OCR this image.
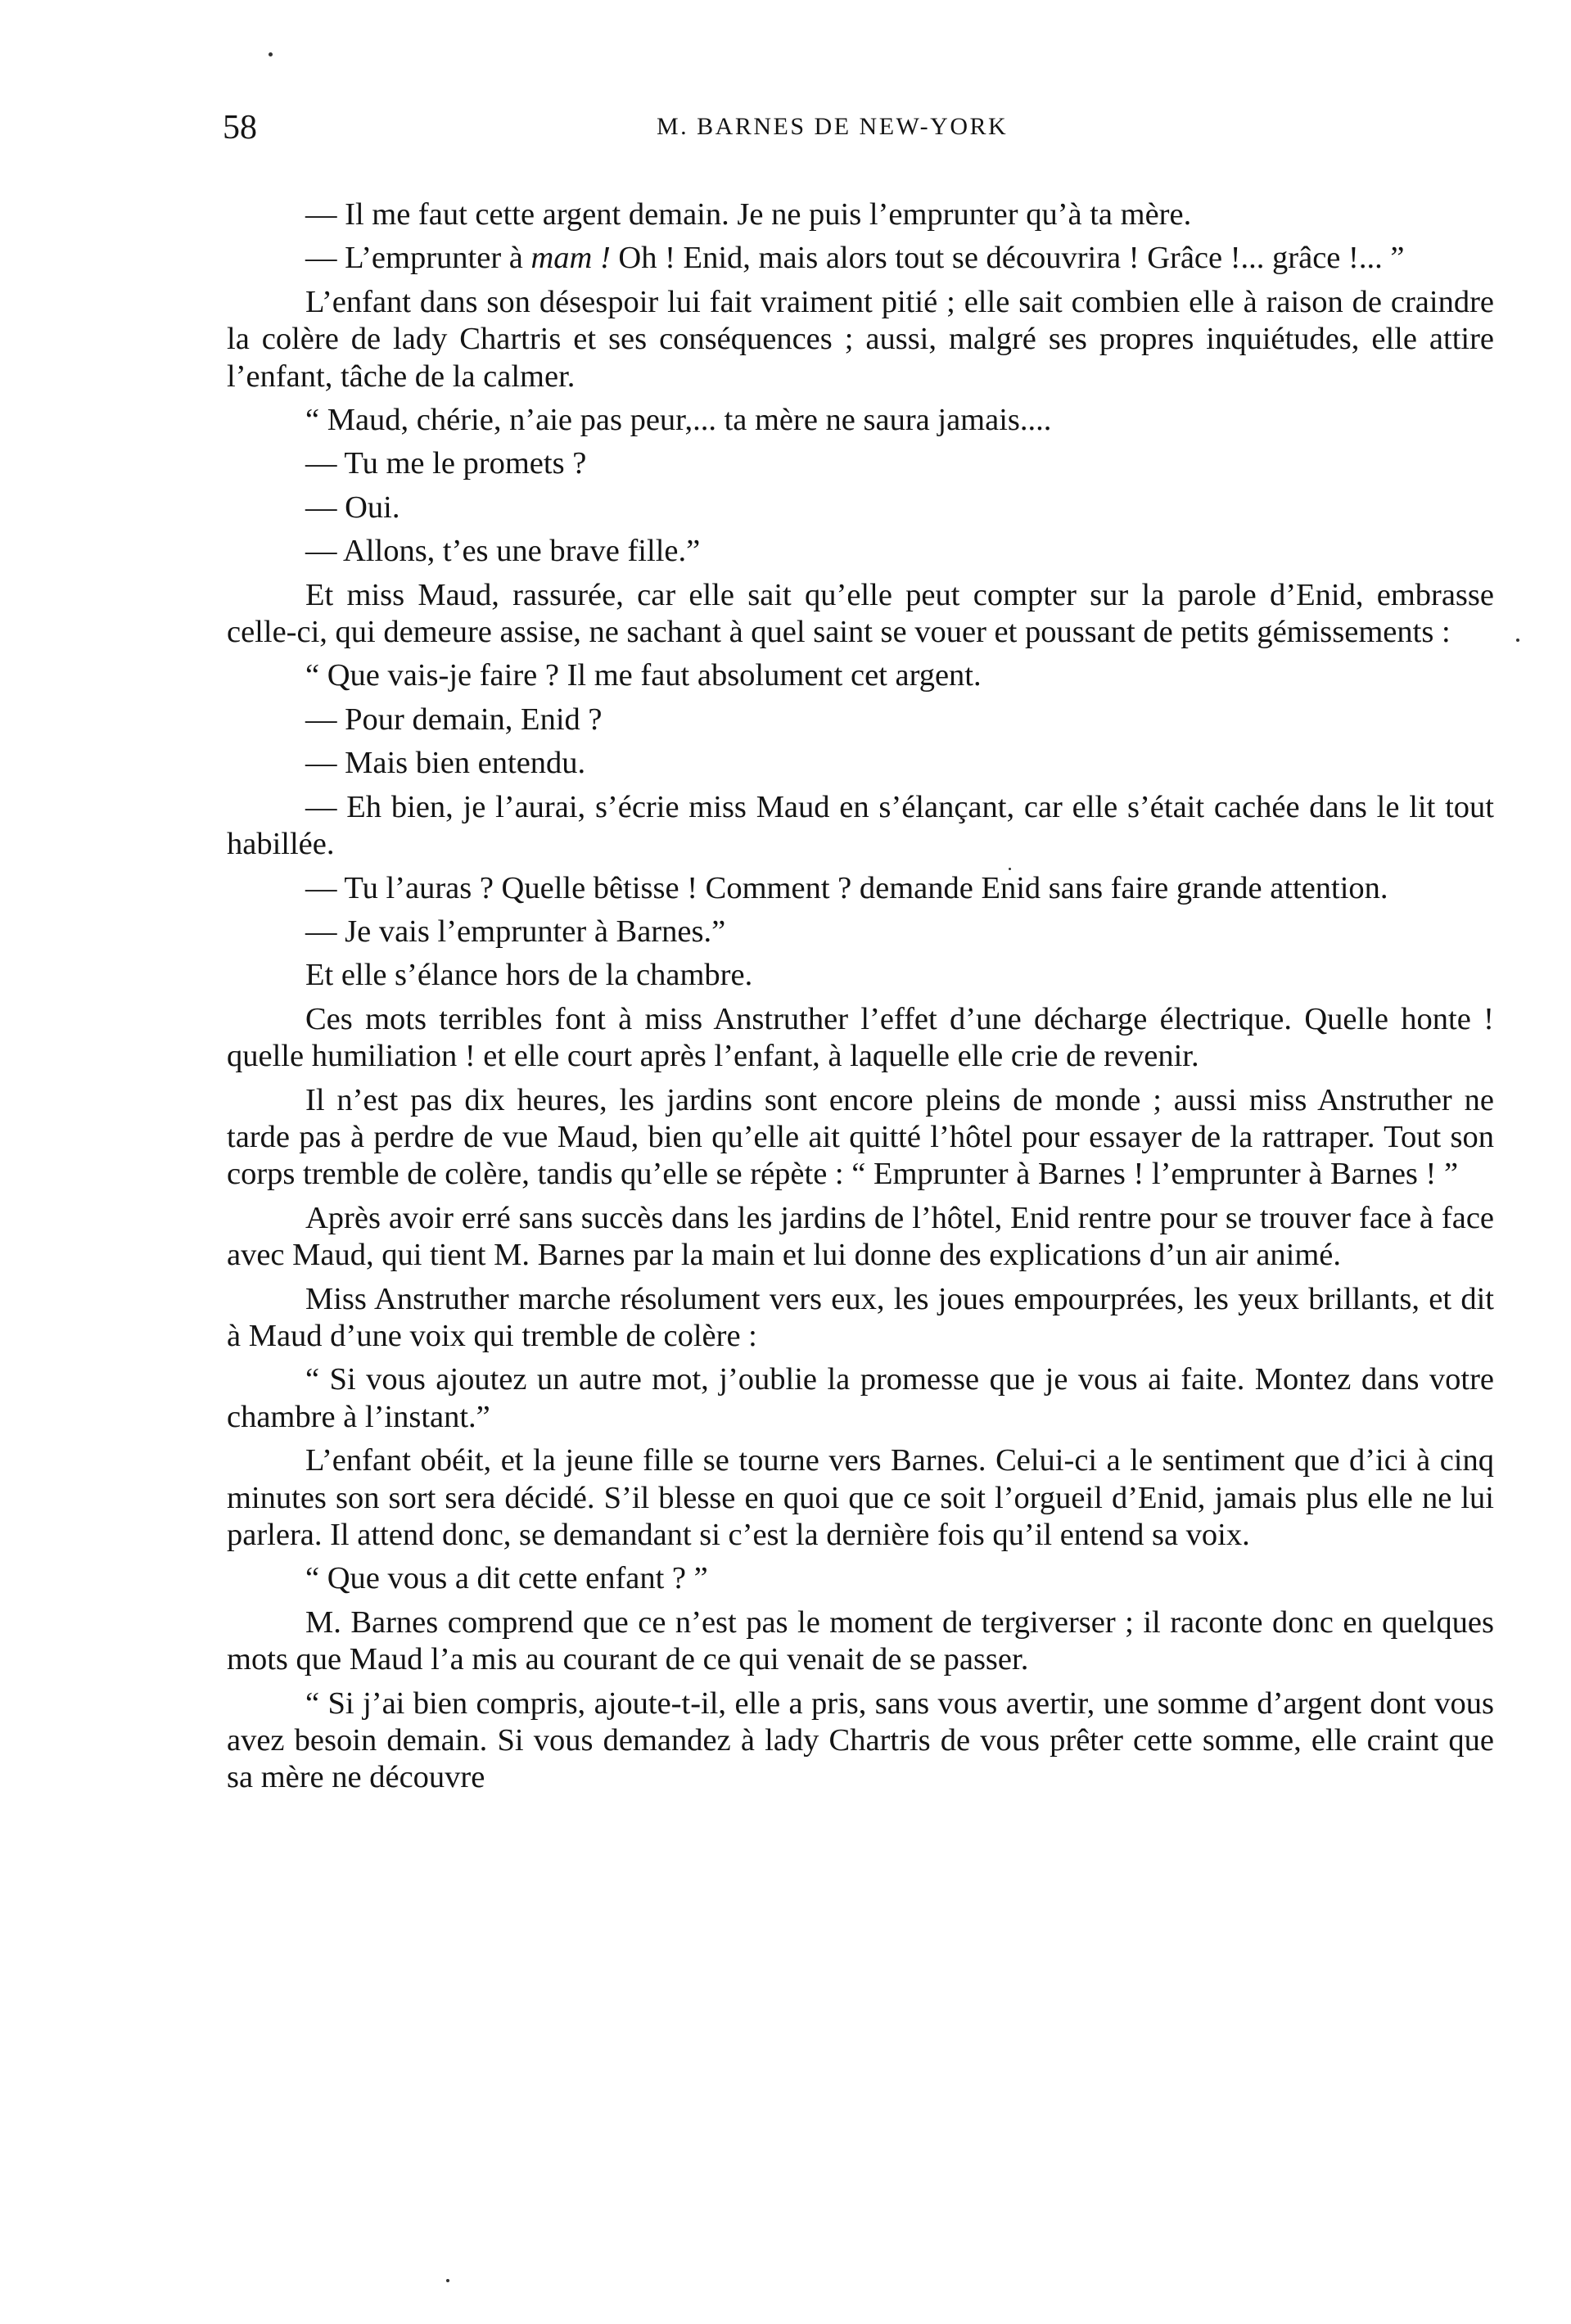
58	M. BARNES DE NEW-YORK

— Il me faut cette argent demain. Je ne puis l’emprunter qu’à ta mère.

— L’emprunter à mam ! Oh ! Enid, mais alors tout se découvrira ! Grâce !... grâce !... ”

L’enfant dans son désespoir lui fait vraiment pitié ; elle sait combien elle à raison de craindre la colère de lady Chartris et ses conséquences ; aussi, malgré ses propres inquiétudes, elle attire l’enfant, tâche de la calmer.

“ Maud, chérie, n’aie pas peur,... ta mère ne saura jamais....

— Tu me le promets ?

— Oui.

— Allons, t’es une brave fille.”

Et miss Maud, rassurée, car elle sait qu’elle peut compter sur la parole d’Enid, embrasse celle-ci, qui demeure assise, ne sachant à quel saint se vouer et poussant de petits gémissements :

“ Que vais-je faire ? Il me faut absolument cet argent.

— Pour demain, Enid ?

— Mais bien entendu.

— Eh bien, je l’aurai, s’écrie miss Maud en s’élançant, car elle s’était cachée dans le lit tout habillée.

— Tu l’auras ? Quelle bêtisse ! Comment ? demande Enid sans faire grande attention.

— Je vais l’emprunter à Barnes.”

Et elle s’élance hors de la chambre.

Ces mots terribles font à miss Anstruther l’effet d’une décharge électrique. Quelle honte ! quelle humiliation ! et elle court après l’enfant, à laquelle elle crie de revenir.

Il n’est pas dix heures, les jardins sont encore pleins de monde ; aussi miss Anstruther ne tarde pas à perdre de vue Maud, bien qu’elle ait quitté l’hôtel pour essayer de la rattraper. Tout son corps tremble de colère, tandis qu’elle se répète : “ Emprunter à Barnes ! l’emprunter à Barnes ! ”

Après avoir erré sans succès dans les jardins de l’hôtel, Enid rentre pour se trouver face à face avec Maud, qui tient M. Barnes par la main et lui donne des explications d’un air animé.

Miss Anstruther marche résolument vers eux, les joues empourprées, les yeux brillants, et dit à Maud d’une voix qui tremble de colère :

“ Si vous ajoutez un autre mot, j’oublie la promesse que je vous ai faite. Montez dans votre chambre à l’instant.”

L’enfant obéit, et la jeune fille se tourne vers Barnes. Celui-ci a le sentiment que d’ici à cinq minutes son sort sera décidé. S’il blesse en quoi que ce soit l’orgueil d’Enid, jamais plus elle ne lui parlera. Il attend donc, se demandant si c’est la dernière fois qu’il entend sa voix.

“ Que vous a dit cette enfant ? ”

M. Barnes comprend que ce n’est pas le moment de tergiverser ; il raconte donc en quelques mots que Maud l’a mis au courant de ce qui venait de se passer.

“ Si j’ai bien compris, ajoute-t-il, elle a pris, sans vous avertir, une somme d’argent dont vous avez besoin demain. Si vous demandez à lady Chartris de vous prêter cette somme, elle craint que sa mère ne découvre
